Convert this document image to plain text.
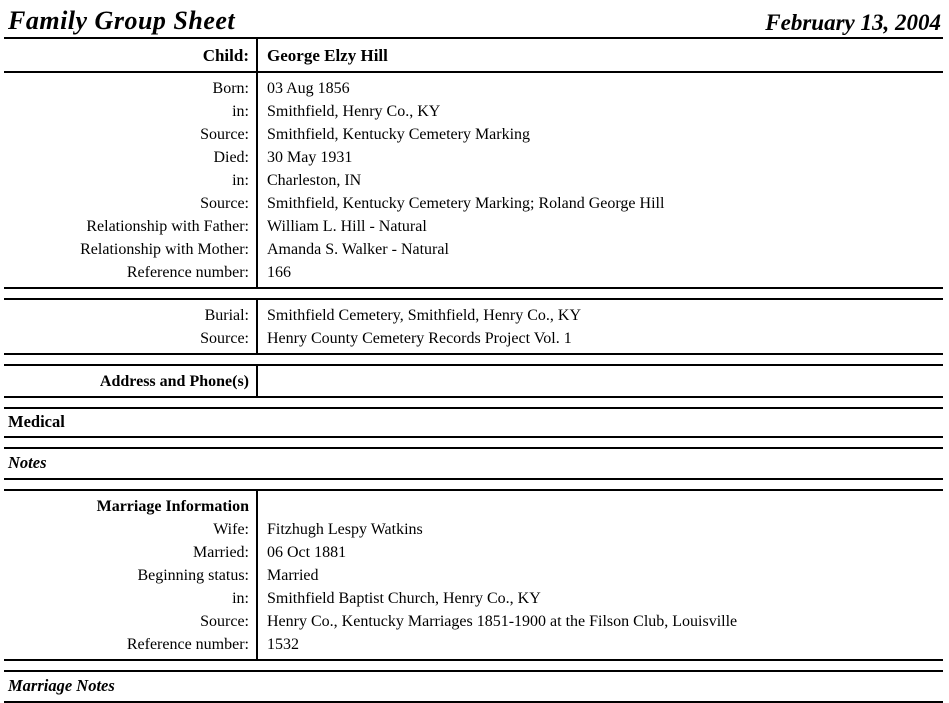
Family Group Sheet	February 13, 2004
Child:	George Elzy Hill
Born:	03 Aug 1856
in:	Smithfield, Henry Co., KY
Source:	Smithfield, Kentucky Cemetery Marking
Died:	30 May 1931
in:	Charleston, IN
Source:	Smithfield, Kentucky Cemetery Marking; Roland George Hill
Relationship with Father:	William L. Hill - Natural
Relationship with Mother:	Amanda S. Walker - Natural
Reference number:	166
Burial:	Smithfield Cemetery, Smithfield, Henry Co., KY
Source:	Henry County Cemetery Records Project Vol. 1
Address and Phone(s)
Medical
Notes
Marriage Information
Wife:	Fitzhugh Lespy Watkins
Married:	06 Oct 1881
Beginning status:	Married
in:	Smithfield Baptist Church, Henry Co., KY
Source:	Henry Co., Kentucky Marriages 1851-1900 at the Filson Club, Louisville
Reference number:	1532
Marriage Notes
